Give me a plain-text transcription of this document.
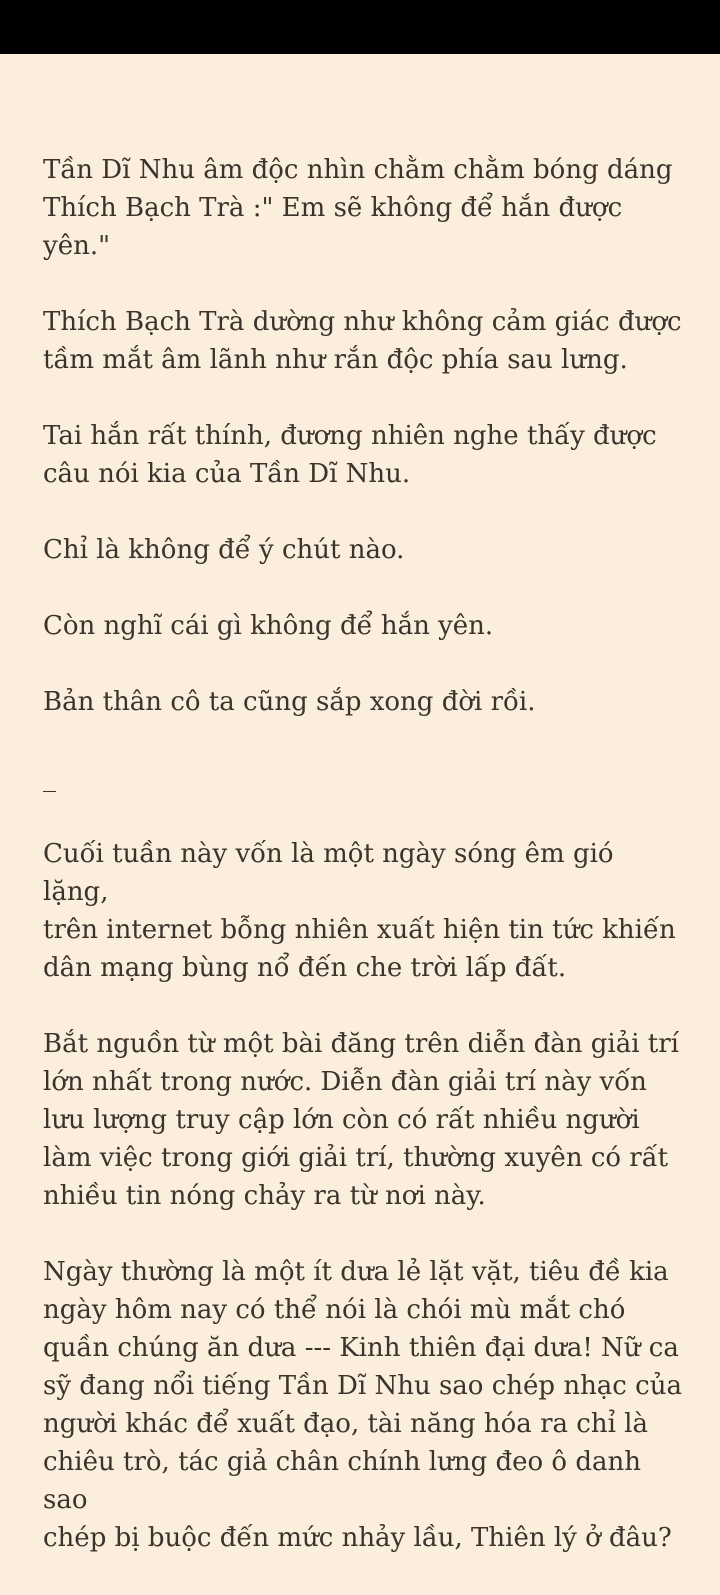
Tần Dĩ Nhu âm độc nhìn chằm chằm bóng dáng
Thích Bạch Trà :" Em sẽ không để hắn được yên."

Thích Bạch Trà dường như không cảm giác được
tầm mắt âm lãnh như rắn độc phía sau lưng.

Tai hắn rất thính, đương nhiên nghe thấy được
câu nói kia của Tần Dĩ Nhu.

Chỉ là không để ý chút nào.

Còn nghĩ cái gì không để hắn yên.

Bản thân cô ta cũng sắp xong đời rồi.

_

Cuối tuần này vốn là một ngày sóng êm gió lặng,
trên internet bỗng nhiên xuất hiện tin tức khiến
dân mạng bùng nổ đến che trời lấp đất.

Bắt nguồn từ một bài đăng trên diễn đàn giải trí
lớn nhất trong nước. Diễn đàn giải trí này vốn
lưu lượng truy cập lớn còn có rất nhiều người
làm việc trong giới giải trí, thường xuyên có rất
nhiều tin nóng chảy ra từ nơi này.

Ngày thường là một ít dưa lẻ lặt vặt, tiêu đề kia
ngày hôm nay có thể nói là chói mù mắt chó
quần chúng ăn dưa --- Kinh thiên đại dưa! Nữ ca
sỹ đang nổi tiếng Tần Dĩ Nhu sao chép nhạc của
người khác để xuất đạo, tài năng hóa ra chỉ là
chiêu trò, tác giả chân chính lưng đeo ô danh sao
chép bị buộc đến mức nhảy lầu, Thiên lý ở đâu?
